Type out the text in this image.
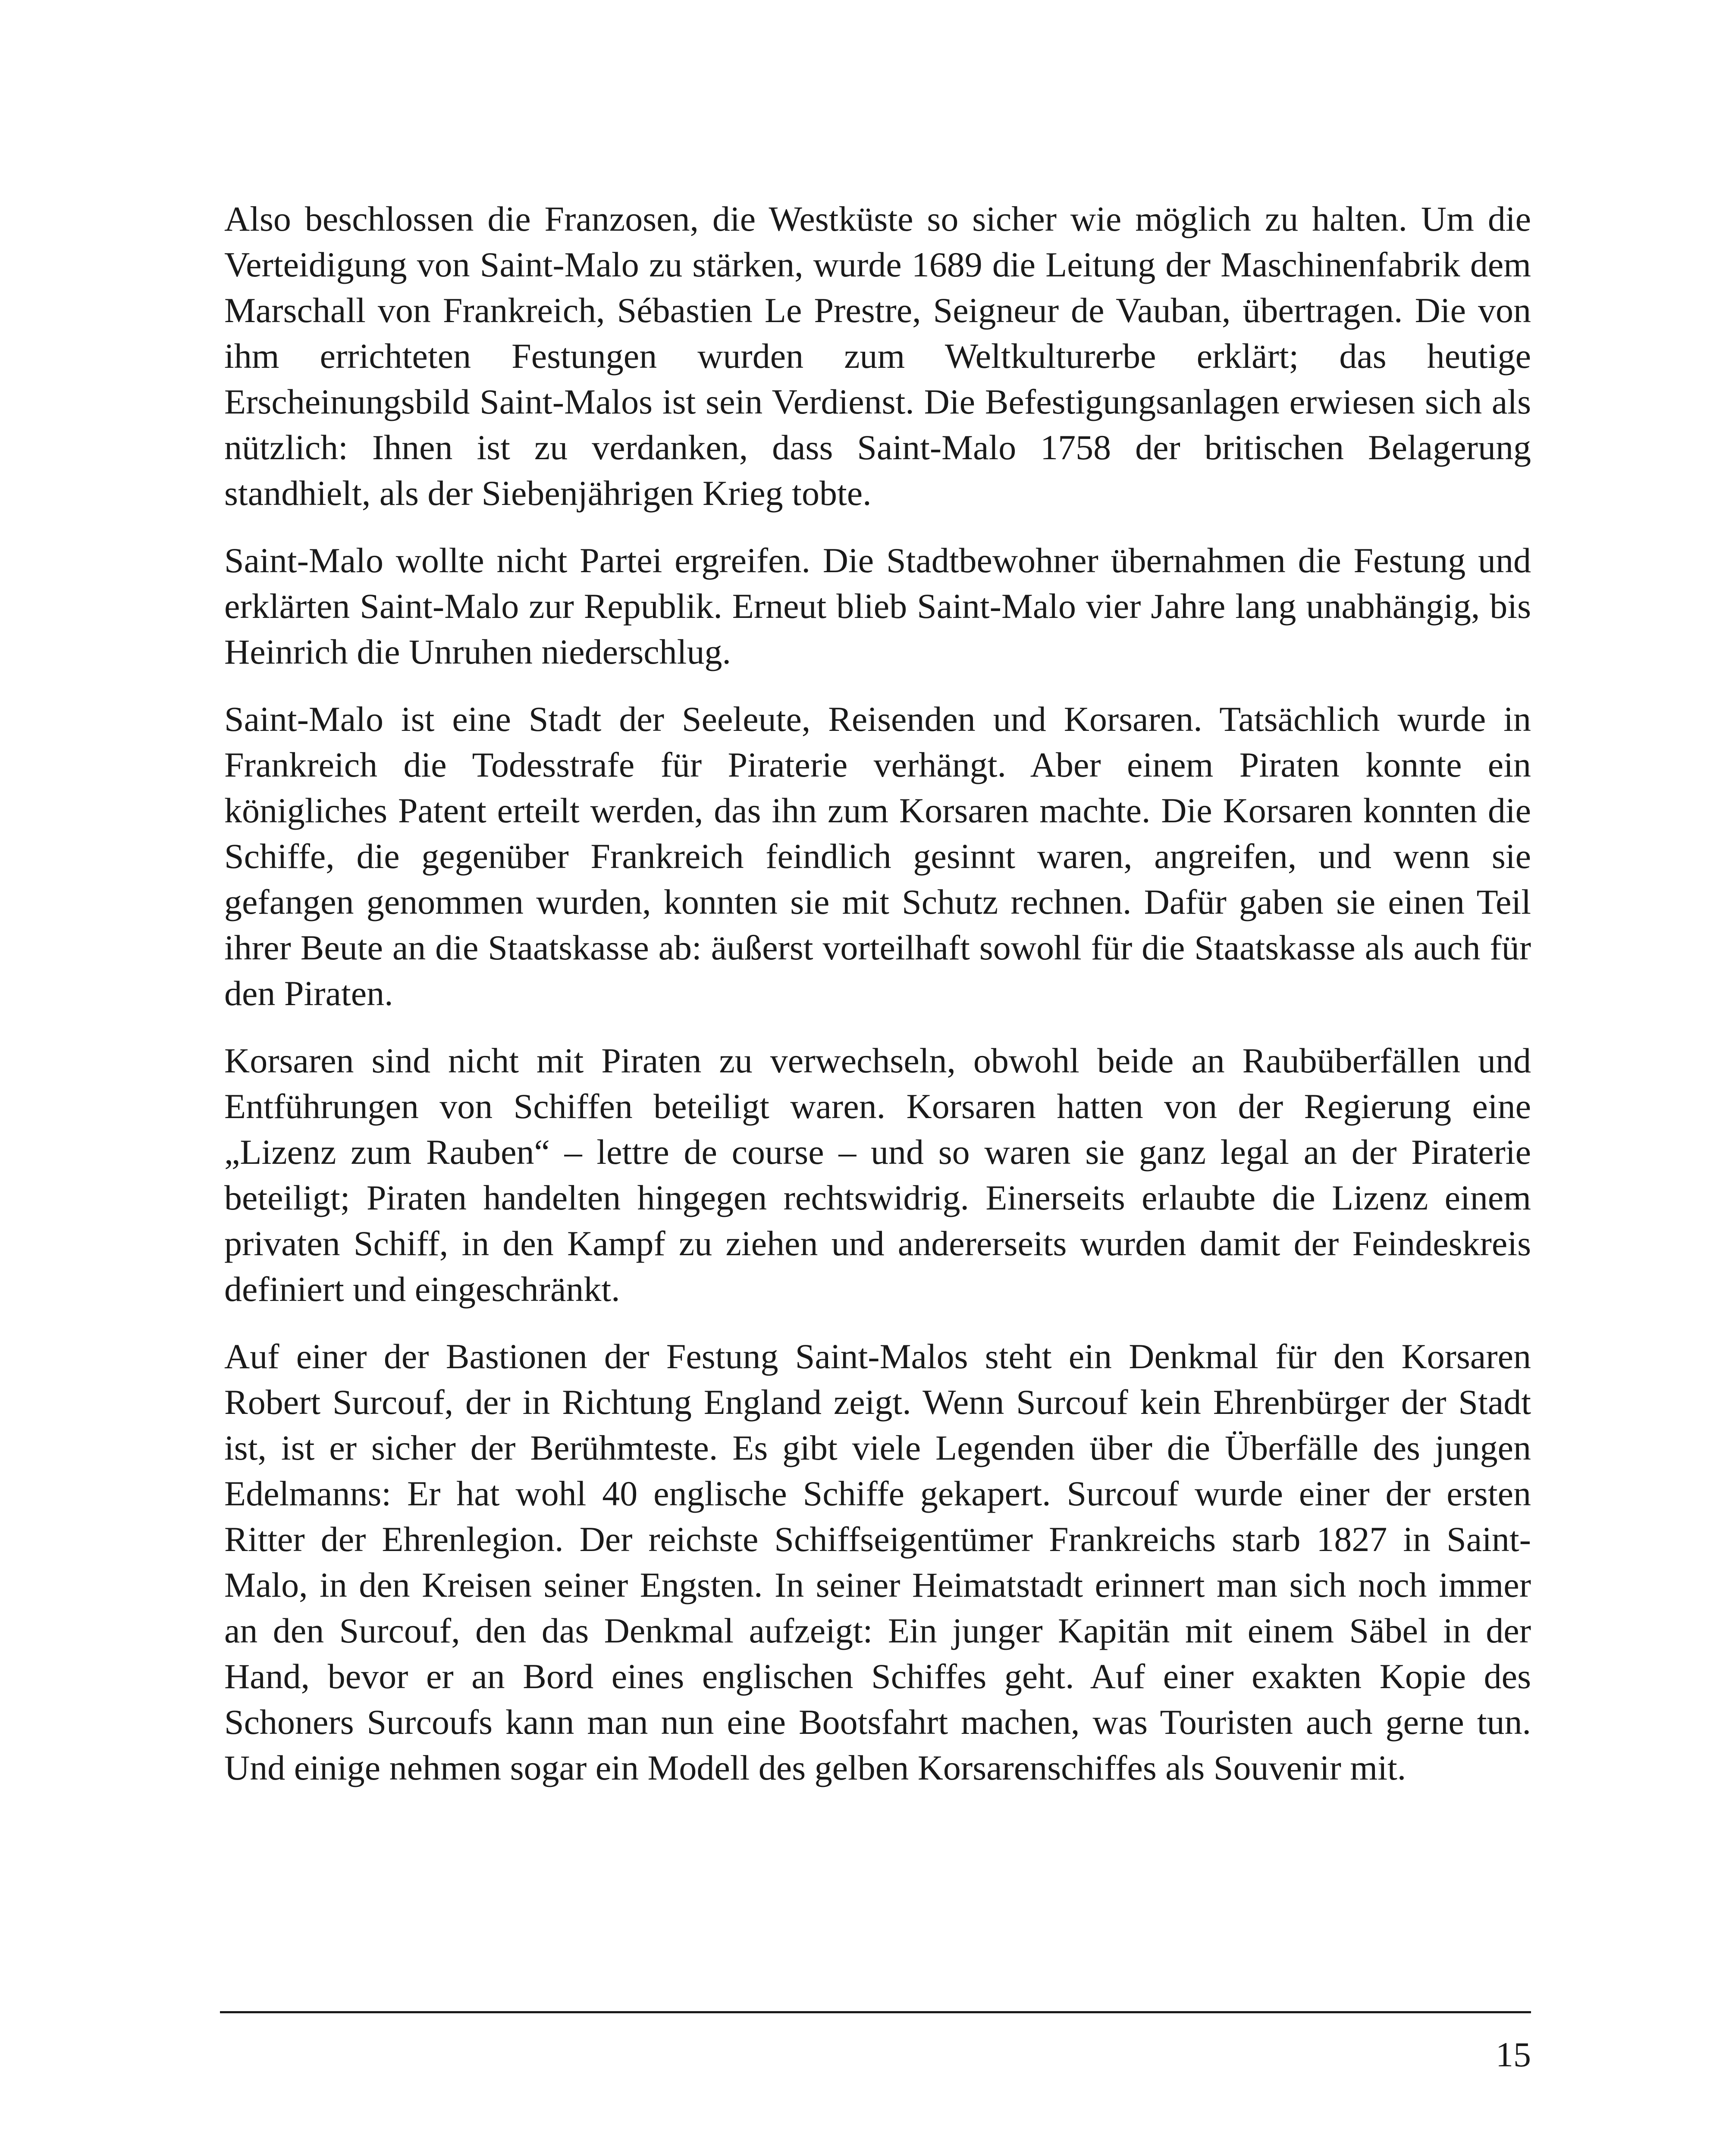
Also beschlossen die Franzosen, die Westküste so sicher wie möglich zu halten. Um die Verteidigung von Saint-Malo zu stärken, wurde 1689 die Leitung der Maschinenfabrik dem Marschall von Frankreich, Sébastien Le Prestre, Seigneur de Vauban, übertragen. Die von ihm errichteten Festungen wurden zum Weltkulturerbe erklärt; das heutige Erscheinungsbild Saint-Malos ist sein Verdienst. Die Befestigungsanlagen erwiesen sich als nützlich: Ihnen ist zu verdanken, dass Saint-Malo 1758 der britischen Belagerung standhielt, als der Siebenjährigen Krieg tobte.

Saint-Malo wollte nicht Partei ergreifen. Die Stadtbewohner übernahmen die Festung und erklärten Saint-Malo zur Republik. Erneut blieb Saint-Malo vier Jahre lang unabhängig, bis Heinrich die Unruhen niederschlug.

Saint-Malo ist eine Stadt der Seeleute, Reisenden und Korsaren. Tatsächlich wurde in Frankreich die Todesstrafe für Piraterie verhängt. Aber einem Piraten konnte ein königliches Patent erteilt werden, das ihn zum Korsaren machte. Die Korsaren konnten die Schiffe, die gegenüber Frankreich feindlich gesinnt waren, angreifen, und wenn sie gefangen genommen wurden, konnten sie mit Schutz rechnen. Dafür gaben sie einen Teil ihrer Beute an die Staatskasse ab: äußerst vorteilhaft sowohl für die Staatskasse als auch für den Piraten.

Korsaren sind nicht mit Piraten zu verwechseln, obwohl beide an Raubüberfällen und Entführungen von Schiffen beteiligt waren. Korsaren hatten von der Regierung eine „Lizenz zum Rauben“ – lettre de course – und so waren sie ganz legal an der Piraterie beteiligt; Piraten handelten hingegen rechtswidrig. Einerseits erlaubte die Lizenz einem privaten Schiff, in den Kampf zu ziehen und andererseits wurden damit der Feindeskreis definiert und eingeschränkt.

Auf einer der Bastionen der Festung Saint-Malos steht ein Denkmal für den Korsaren Robert Surcouf, der in Richtung England zeigt. Wenn Surcouf kein Ehrenbürger der Stadt ist, ist er sicher der Berühmteste. Es gibt viele Legenden über die Überfälle des jungen Edelmanns: Er hat wohl 40 englische Schiffe gekapert. Surcouf wurde einer der ersten Ritter der Ehrenlegion. Der reichste Schiffseigentümer Frankreichs starb 1827 in Saint-Malo, in den Kreisen seiner Engsten. In seiner Heimatstadt erinnert man sich noch immer an den Surcouf, den das Denkmal aufzeigt: Ein junger Kapitän mit einem Säbel in der Hand, bevor er an Bord eines englischen Schiffes geht. Auf einer exakten Kopie des Schoners Surcoufs kann man nun eine Bootsfahrt machen, was Touristen auch gerne tun. Und einige nehmen sogar ein Modell des gelben Korsarenschiffes als Souvenir mit.

15
